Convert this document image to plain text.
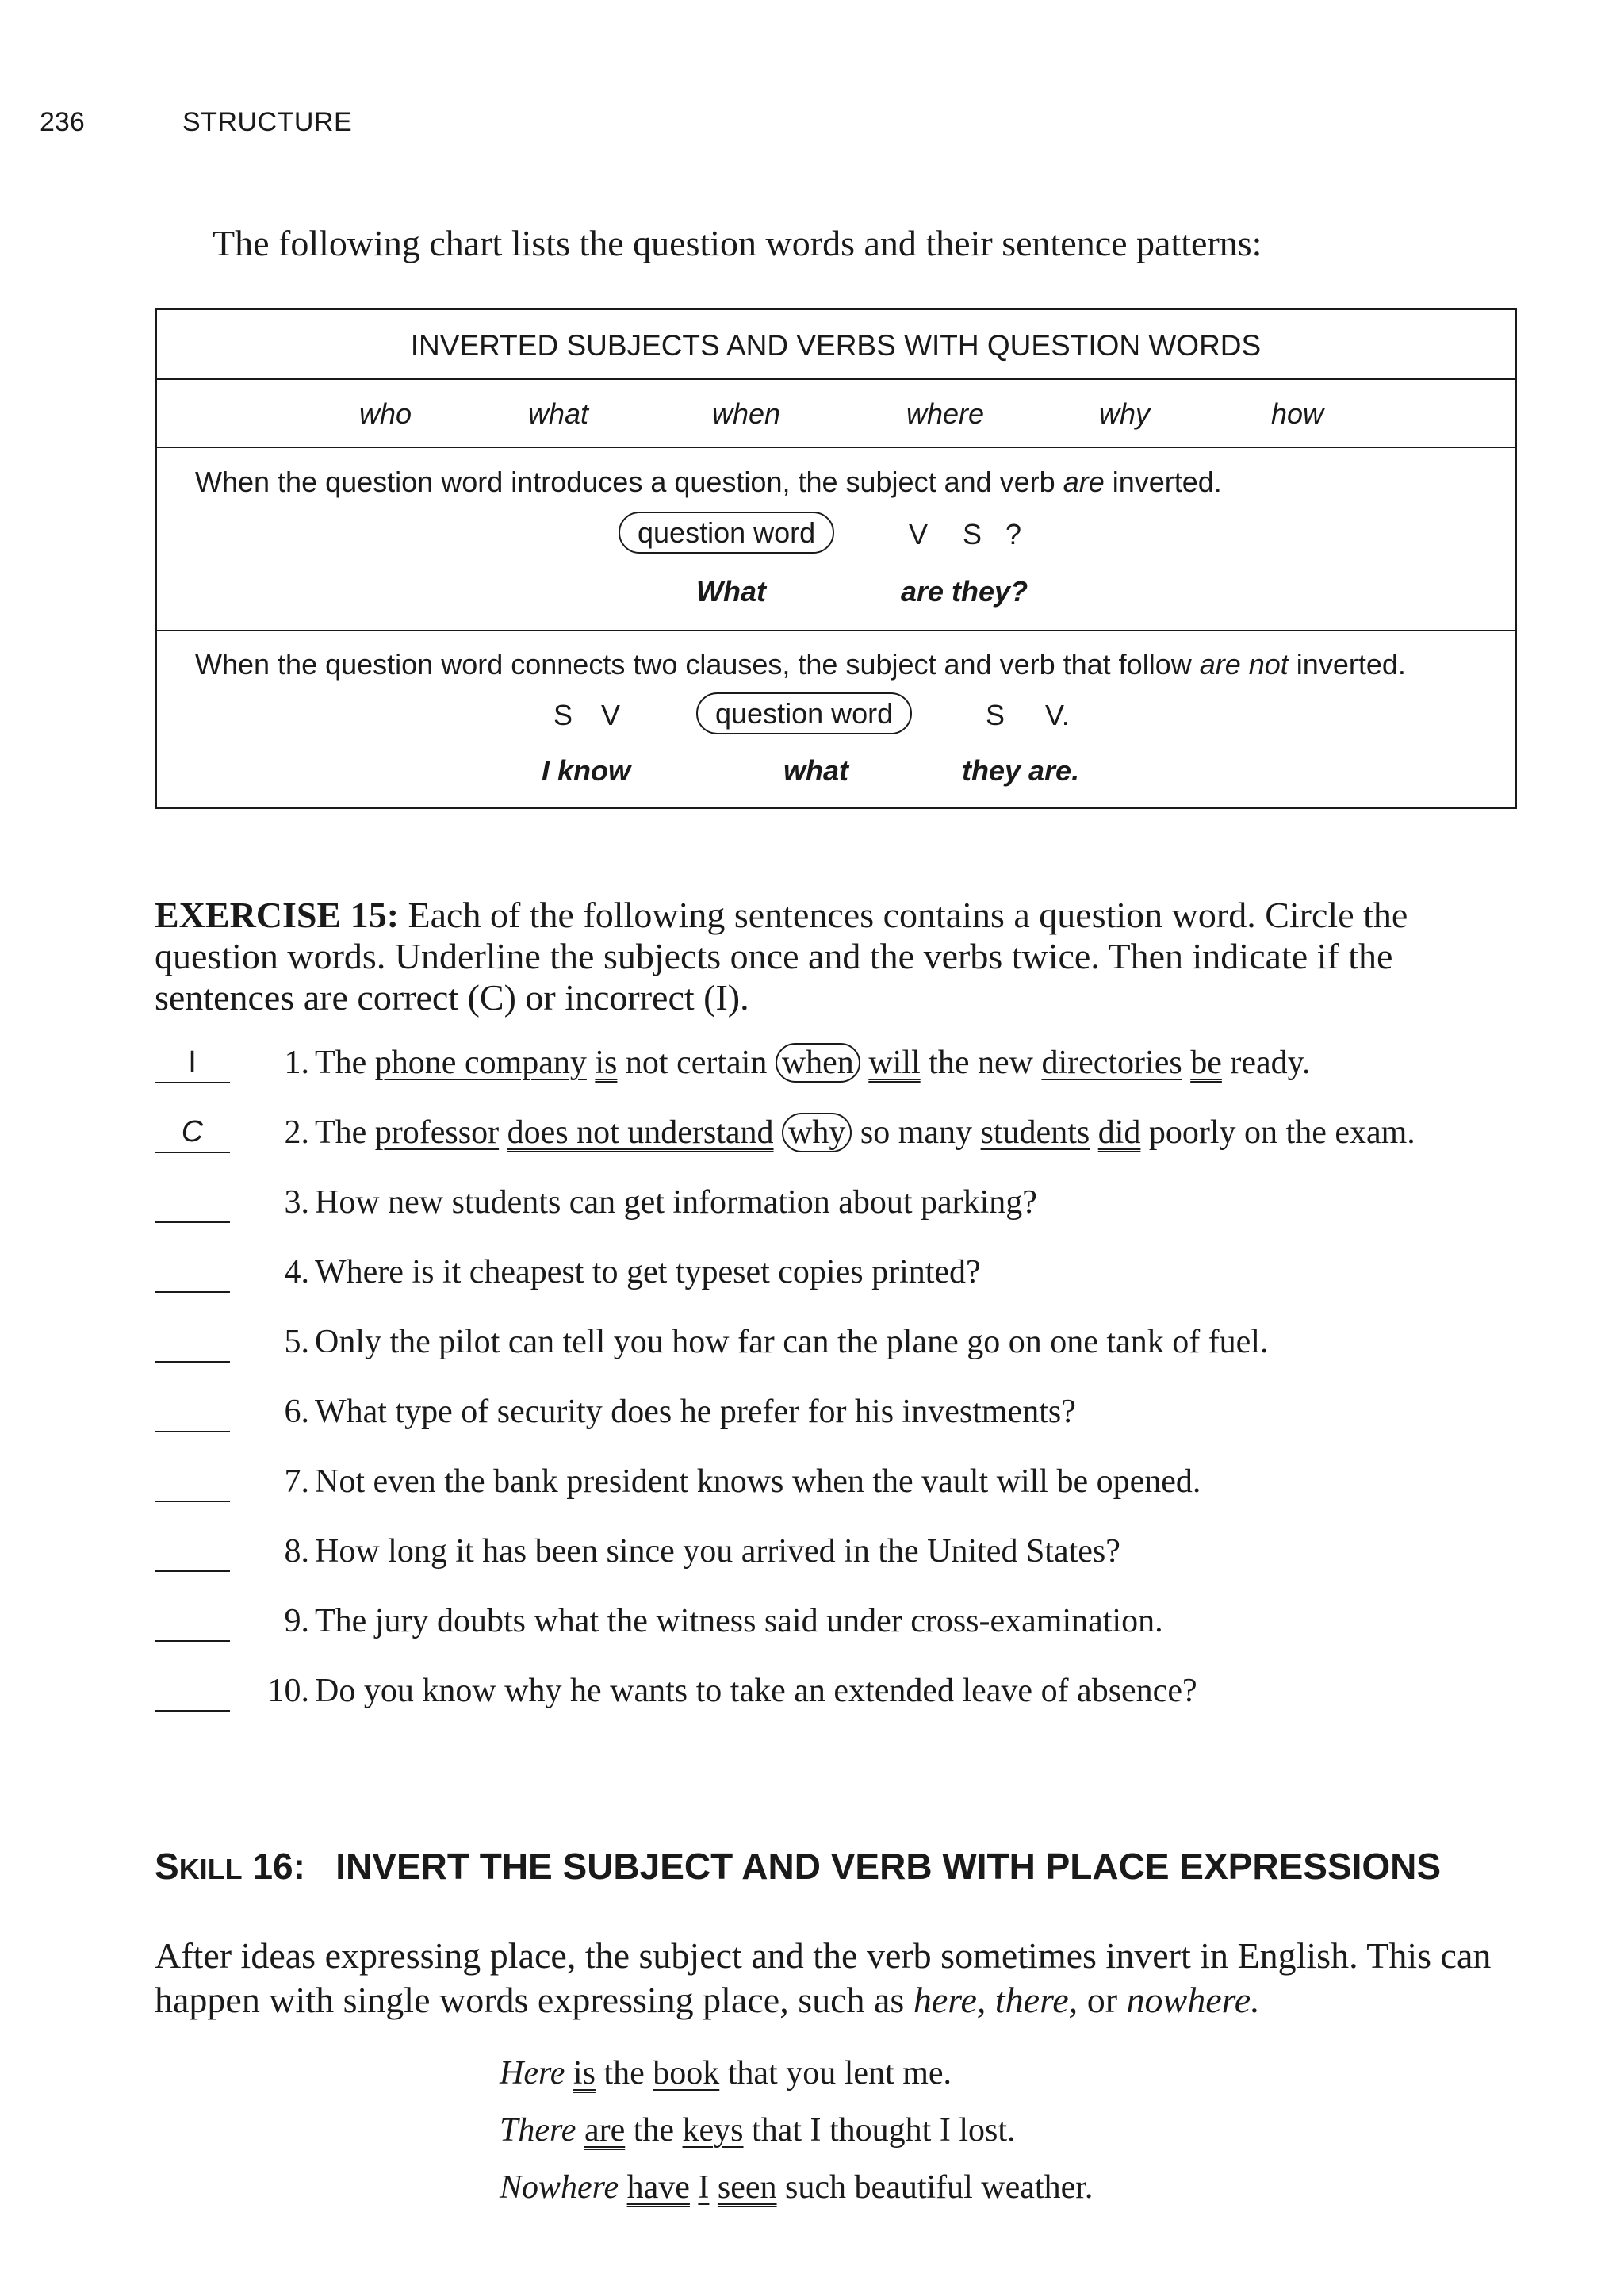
236	STRUCTURE
The following chart lists the question words and their sentence patterns:
INVERTED SUBJECTS AND VERBS WITH QUESTION WORDS
who	what	when	where	why	how
When the question word introduces a question, the subject and verb are inverted.
question word	V S ?
What	are they?
When the question word connects two clauses, the subject and verb that follow are not inverted.
S V	question word	S V.
I know	what	they are.
EXERCISE 15: Each of the following sentences contains a question word. Circle the question words. Underline the subjects once and the verbs twice. Then indicate if the sentences are correct (C) or incorrect (I).
I	1. The phone company is not certain when will the new directories be ready.
C	2. The professor does not understand why so many students did poorly on the exam.
3. How new students can get information about parking?
4. Where is it cheapest to get typeset copies printed?
5. Only the pilot can tell you how far can the plane go on one tank of fuel.
6. What type of security does he prefer for his investments?
7. Not even the bank president knows when the vault will be opened.
8. How long it has been since you arrived in the United States?
9. The jury doubts what the witness said under cross-examination.
10. Do you know why he wants to take an extended leave of absence?
SKILL 16: INVERT THE SUBJECT AND VERB WITH PLACE EXPRESSIONS
After ideas expressing place, the subject and the verb sometimes invert in English. This can happen with single words expressing place, such as here, there, or nowhere.
Here is the book that you lent me.
There are the keys that I thought I lost.
Nowhere have I seen such beautiful weather.
